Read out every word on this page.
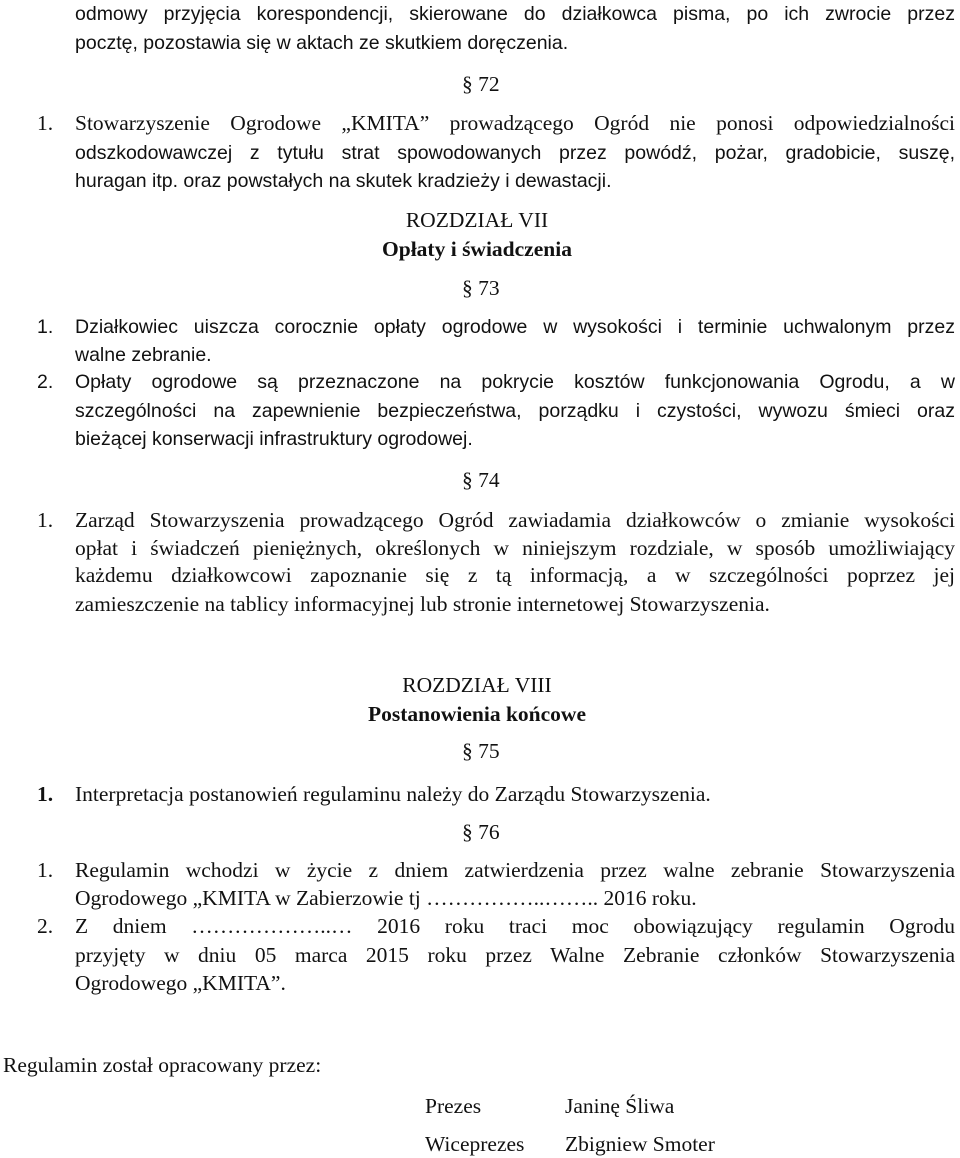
odmowy przyjęcia korespondencji, skierowane do działkowca pisma, po ich zwrocie przez
pocztę, pozostawia się w aktach ze skutkiem doręczenia.
§ 72
1. Stowarzyszenie Ogrodowe „KMITA” prowadzącego Ogród nie ponosi odpowiedzialności
odszkodowawczej z tytułu strat spowodowanych przez powódź, pożar, gradobicie, suszę,
huragan itp. oraz powstałych na skutek kradzieży i dewastacji.
ROZDZIAŁ VII
Opłaty i świadczenia
§ 73
1. Działkowiec uiszcza corocznie opłaty ogrodowe w wysokości i terminie uchwalonym przez
walne zebranie.
2. Opłaty ogrodowe są przeznaczone na pokrycie kosztów funkcjonowania Ogrodu, a w
szczególności na zapewnienie bezpieczeństwa, porządku i czystości, wywozu śmieci oraz
bieżącej konserwacji infrastruktury ogrodowej.
§ 74
1. Zarząd Stowarzyszenia prowadzącego Ogród zawiadamia działkowców o zmianie wysokości
opłat i świadczeń pieniężnych, określonych w niniejszym rozdziale, w sposób umożliwiający
każdemu działkowcowi zapoznanie się z tą informacją, a w szczególności poprzez jej
zamieszczenie na tablicy informacyjnej lub stronie internetowej Stowarzyszenia.
ROZDZIAŁ VIII
Postanowienia końcowe
§ 75
1. Interpretacja postanowień regulaminu należy do Zarządu Stowarzyszenia.
§ 76
1. Regulamin wchodzi w życie z dniem zatwierdzenia przez walne zebranie Stowarzyszenia
Ogrodowego „KMITA w Zabierzowie tj ……………..…….. 2016 roku.
2. Z dniem ………………..… 2016 roku traci moc obowiązujący regulamin Ogrodu
przyjęty w dniu 05 marca 2015 roku przez Walne Zebranie członków Stowarzyszenia
Ogrodowego „KMITA”.
Regulamin został opracowany przez:
Prezes	Janinę Śliwa
Wiceprezes Zbigniew Smoter
